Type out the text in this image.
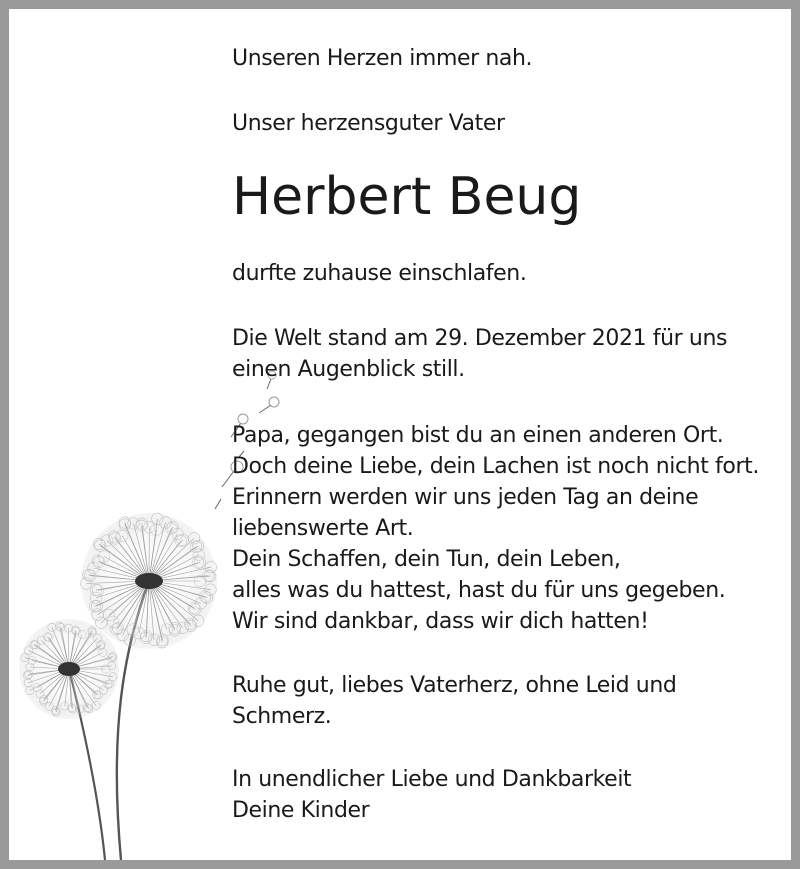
Unseren Herzen immer nah.
Unser herzensguter Vater
Herbert Beug
durfte zuhause einschlafen.
Die Welt stand am 29. Dezember 2021 für uns
einen Augenblick still.
Papa, gegangen bist du an einen anderen Ort.
Doch deine Liebe, dein Lachen ist noch nicht fort.
Erinnern werden wir uns jeden Tag an deine
liebenswerte Art.
Dein Schaffen, dein Tun, dein Leben,
alles was du hattest, hast du für uns gegeben.
Wir sind dankbar, dass wir dich hatten!
Ruhe gut, liebes Vaterherz, ohne Leid und
Schmerz.
In unendlicher Liebe und Dankbarkeit
Deine Kinder
